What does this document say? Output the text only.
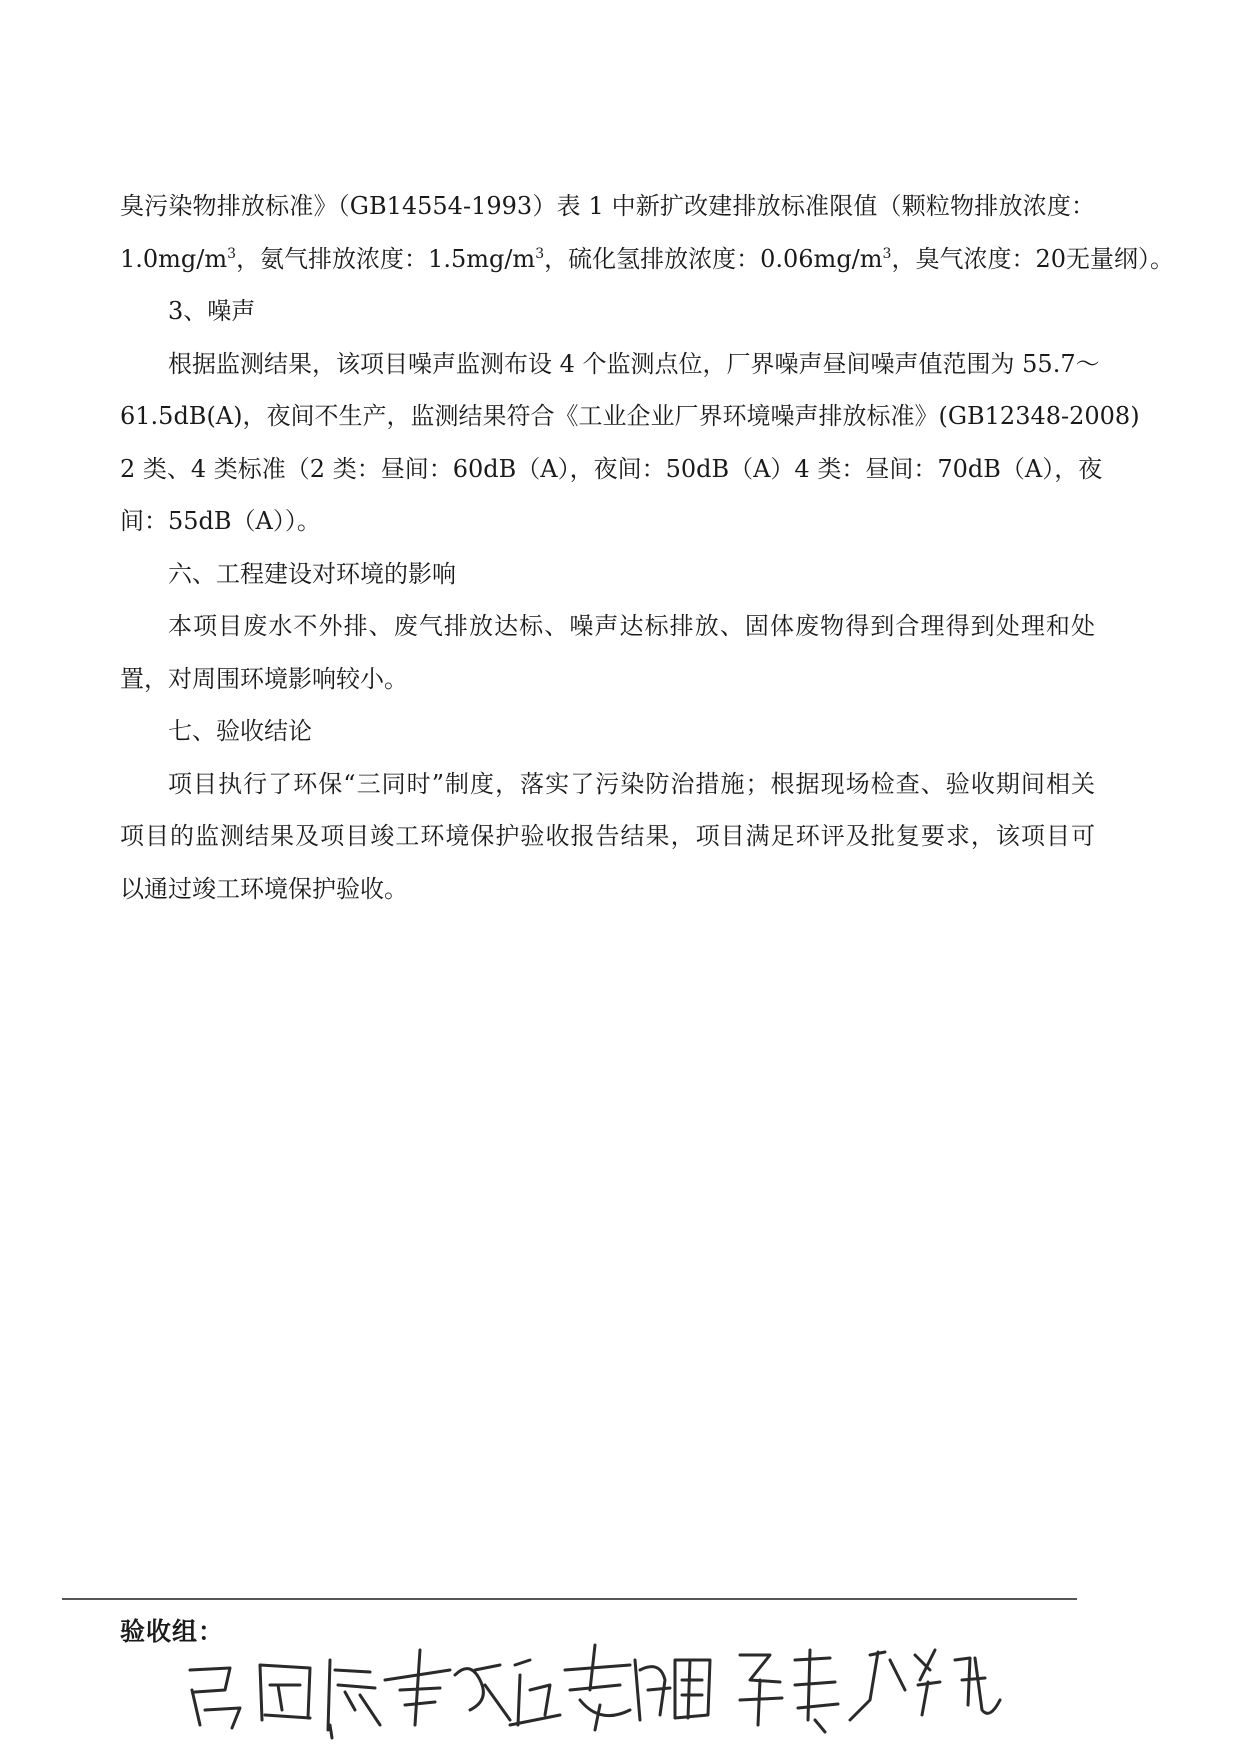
臭污染物排放标准》（GB14554-1993）表 1 中新扩改建排放标准限值（颗粒物排放浓度：
$1.0mg/m^3$，氨气排放浓度：$1.5mg/m^3$，硫化氢排放浓度：$0.06mg/m^3$，臭气浓度：20无量纲）。
3、噪声
根据监测结果，该项目噪声监测布设 4 个监测点位，厂界噪声昼间噪声值范围为 55.7～
61.5dB(A)，夜间不生产，监测结果符合《工业企业厂界环境噪声排放标准》(GB12348-2008)
2 类、4 类标准（2 类：昼间：60dB（A），夜间：50dB（A）4 类：昼间：70dB（A），夜
间：55dB（A））。
六、工程建设对环境的影响
本项目废水不外排、废气排放达标、噪声达标排放、固体废物得到合理得到处理和处
置，对周围环境影响较小。
七、验收结论
项目执行了环保“三同时”制度，落实了污染防治措施；根据现场检查、验收期间相关
项目的监测结果及项目竣工环境保护验收报告结果，项目满足环评及批复要求，该项目可
以通过竣工环境保护验收。
验收组：
